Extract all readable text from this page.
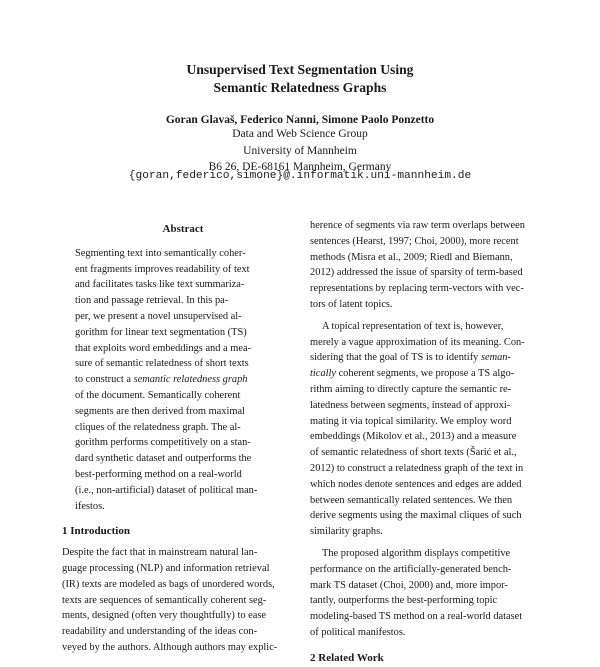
Unsupervised Text Segmentation Using
Semantic Relatedness Graphs
Goran Glavaš, Federico Nanni, Simone Paolo Ponzetto
Data and Web Science Group
University of Mannheim
B6 26, DE-68161 Mannheim, Germany
{goran,federico,simone}@.informatik.uni-mannheim.de
Abstract
Segmenting text into semantically coher-
ent fragments improves readability of text
and facilitates tasks like text summariza-
tion and passage retrieval. In this pa-
per, we present a novel unsupervised al-
gorithm for linear text segmentation (TS)
that exploits word embeddings and a mea-
sure of semantic relatedness of short texts
to construct a semantic relatedness graph
of the document. Semantically coherent
segments are then derived from maximal
cliques of the relatedness graph. The al-
gorithm performs competitively on a stan-
dard synthetic dataset and outperforms the
best-performing method on a real-world
(i.e., non-artificial) dataset of political man-
ifestos.
1 Introduction
Despite the fact that in mainstream natural lan-
guage processing (NLP) and information retrieval
(IR) texts are modeled as bags of unordered words,
texts are sequences of semantically coherent seg-
ments, designed (often very thoughtfully) to ease
readability and understanding of the ideas con-
veyed by the authors. Although authors may explic-
herence of segments via raw term overlaps between
sentences (Hearst, 1997; Choi, 2000), more recent
methods (Misra et al., 2009; Riedl and Biemann,
2012) addressed the issue of sparsity of term-based
representations by replacing term-vectors with vec-
tors of latent topics.
A topical representation of text is, however,
merely a vague approximation of its meaning. Con-
sidering that the goal of TS is to identify seman-
tically coherent segments, we propose a TS algo-
rithm aiming to directly capture the semantic re-
latedness between segments, instead of approxi-
mating it via topical similarity. We employ word
embeddings (Mikolov et al., 2013) and a measure
of semantic relatedness of short texts (Šarić et al.,
2012) to construct a relatedness graph of the text in
which nodes denote sentences and edges are added
between semantically related sentences. We then
derive segments using the maximal cliques of such
similarity graphs.
The proposed algorithm displays competitive
performance on the artificially-generated bench-
mark TS dataset (Choi, 2000) and, more impor-
tantly, outperforms the best-performing topic
modeling-based TS method on a real-world dataset
of political manifestos.
2 Related Work
